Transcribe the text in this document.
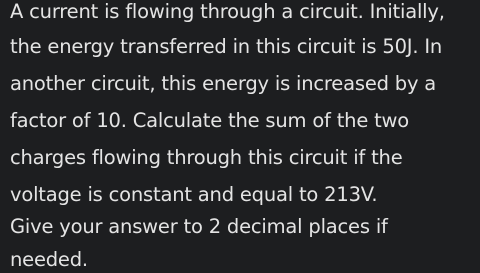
A current is flowing through a circuit. Initially,
the energy transferred in this circuit is 50J. In
another circuit, this energy is increased by a
factor of 10. Calculate the sum of the two
charges flowing through this circuit if the
voltage is constant and equal to 213V.
Give your answer to 2 decimal places if
needed.
